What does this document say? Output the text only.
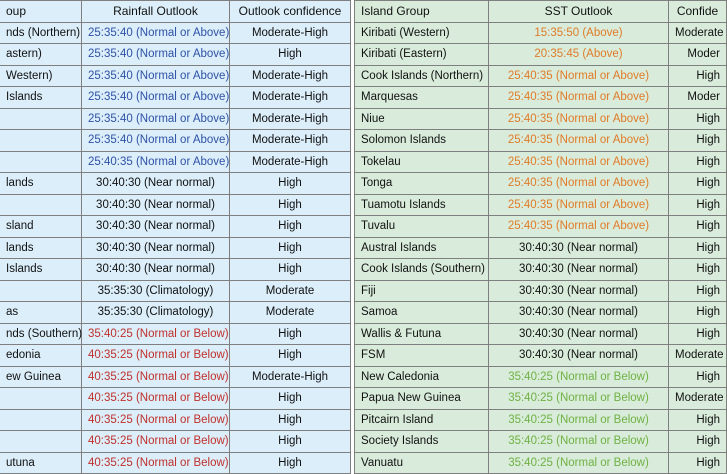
oup	Rainfall Outlook	Outlook confidence
nds (Northern)	25:35:40 (Normal or Above)	Moderate-High
astern)	25:35:40 (Normal or Above)	High
Western)	25:35:40 (Normal or Above)	Moderate-High
Islands	25:35:40 (Normal or Above)	Moderate-High
	25:35:40 (Normal or Above)	Moderate-High
	25:35:40 (Normal or Above)	Moderate-High
	25:40:35 (Normal or Above)	Moderate-High
lands	30:40:30 (Near normal)	High
	30:40:30 (Near normal)	High
sland	30:40:30 (Near normal)	High
lands	30:40:30 (Near normal)	High
Islands	30:40:30 (Near normal)	High
	35:35:30 (Climatology)	Moderate
as	35:35:30 (Climatology)	Moderate
nds (Southern)	35:40:25 (Normal or Below)	High
edonia	40:35:25 (Normal or Below)	High
ew Guinea	40:35:25 (Normal or Below)	Moderate-High
	40:35:25 (Normal or Below)	High
	40:35:25 (Normal or Below)	High
	40:35:25 (Normal or Below)	High
utuna	40:35:25 (Normal or Below)	High
Island Group	SST Outlook	Confide
Kiribati (Western)	15:35:50 (Above)	Moderate
Kiribati (Eastern)	20:35:45 (Above)	Moder
Cook Islands (Northern)	25:40:35 (Normal or Above)	High
Marquesas	25:40:35 (Normal or Above)	Moder
Niue	25:40:35 (Normal or Above)	High
Solomon Islands	25:40:35 (Normal or Above)	High
Tokelau	25:40:35 (Normal or Above)	High
Tonga	25:40:35 (Normal or Above)	High
Tuamotu Islands	25:40:35 (Normal or Above)	High
Tuvalu	25:40:35 (Normal or Above)	High
Austral Islands	30:40:30 (Near normal)	High
Cook Islands (Southern)	30:40:30 (Near normal)	High
Fiji	30:40:30 (Near normal)	High
Samoa	30:40:30 (Near normal)	High
Wallis & Futuna	30:40:30 (Near normal)	High
FSM	30:40:30 (Near normal)	Moderate
New Caledonia	35:40:25 (Normal or Below)	High
Papua New Guinea	35:40:25 (Normal or Below)	Moderate
Pitcairn Island	35:40:25 (Normal or Below)	High
Society Islands	35:40:25 (Normal or Below)	High
Vanuatu	35:40:25 (Normal or Below)	High
